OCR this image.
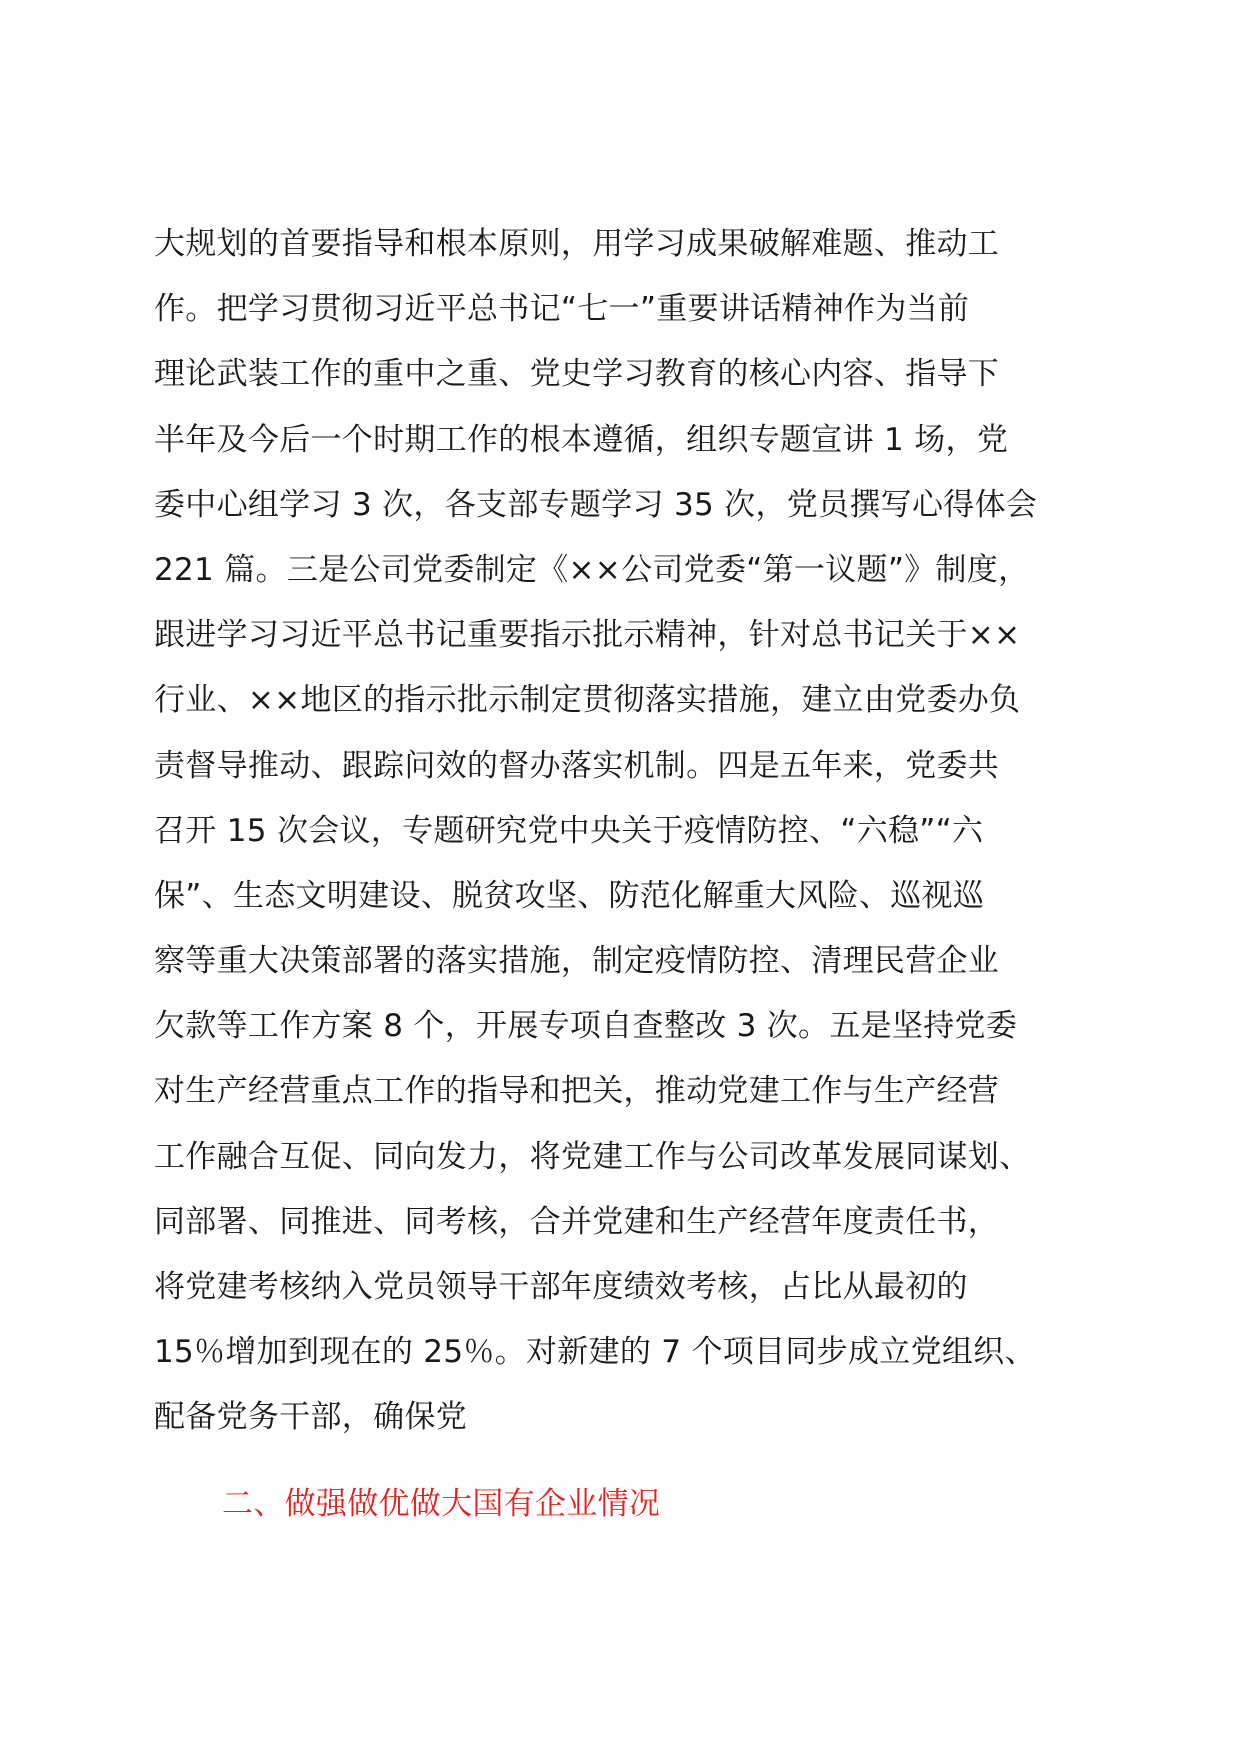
大规划的首要指导和根本原则，用学习成果破解难题、推动工
作。把学习贯彻习近平总书记“七一”重要讲话精神作为当前
理论武装工作的重中之重、党史学习教育的核心内容、指导下
半年及今后一个时期工作的根本遵循，组织专题宣讲 1 场，党
委中心组学习 3 次，各支部专题学习 35 次，党员撰写心得体会
221 篇。三是公司党委制定《××公司党委“第一议题”》制度，
跟进学习习近平总书记重要指示批示精神，针对总书记关于××
行业、××地区的指示批示制定贯彻落实措施，建立由党委办负
责督导推动、跟踪问效的督办落实机制。四是五年来，党委共
召开 15 次会议，专题研究党中央关于疫情防控、“六稳”“六
保”、生态文明建设、脱贫攻坚、防范化解重大风险、巡视巡
察等重大决策部署的落实措施，制定疫情防控、清理民营企业
欠款等工作方案 8 个，开展专项自查整改 3 次。五是坚持党委
对生产经营重点工作的指导和把关，推动党建工作与生产经营
工作融合互促、同向发力，将党建工作与公司改革发展同谋划、
同部署、同推进、同考核，合并党建和生产经营年度责任书，
将党建考核纳入党员领导干部年度绩效考核，占比从最初的
15％增加到现在的 25％。对新建的 7 个项目同步成立党组织、
配备党务干部，确保党
二、做强做优做大国有企业情况
